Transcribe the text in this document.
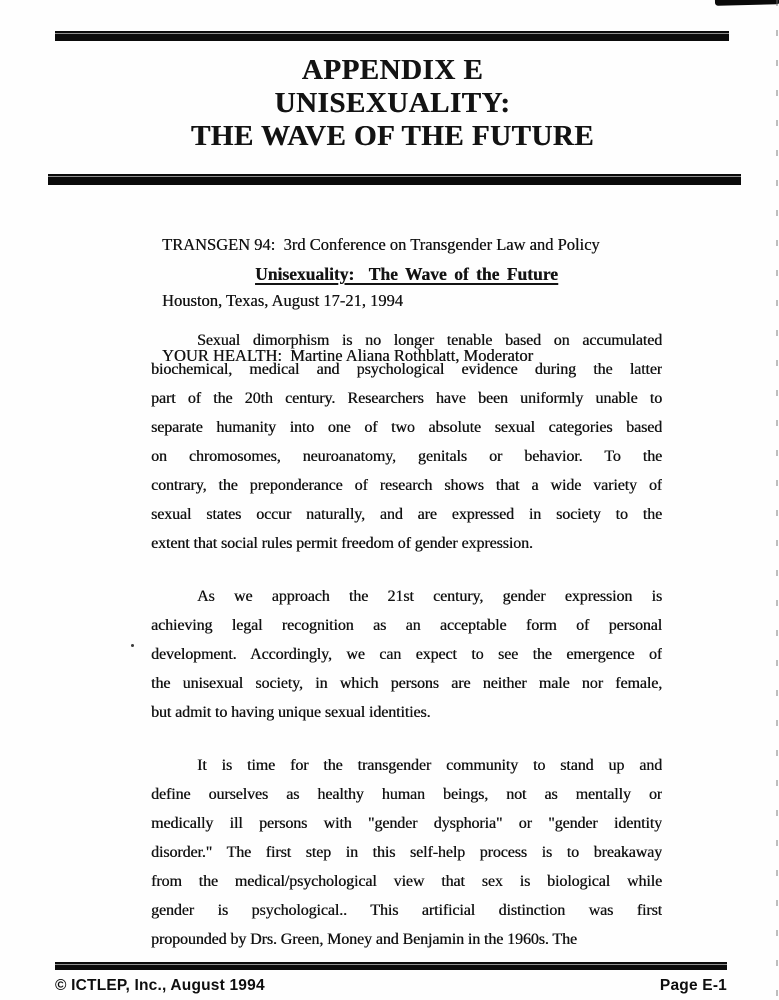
APPENDIX E
UNISEXUALITY:
THE WAVE OF THE FUTURE

TRANSGEN 94:  3rd Conference on Transgender Law and Policy

Houston, Texas, August 17-21, 1994

YOUR HEALTH:  Martine Aliana Rothblatt, Moderator

Unisexuality:  The Wave of the Future
Sexual dimorphism is no longer tenable based on accumulated
biochemical, medical and psychological evidence during the latter
part of the 20th century. Researchers have been uniformly unable to
separate humanity into one of two absolute sexual categories based
on chromosomes, neuroanatomy, genitals or behavior. To the
contrary, the preponderance of research shows that a wide variety of
sexual states occur naturally, and are expressed in society to the
extent that social rules permit freedom of gender expression.
As we approach the 21st century, gender expression is
achieving legal recognition as an acceptable form of personal
development. Accordingly, we can expect to see the emergence of
the unisexual society, in which persons are neither male nor female,
but admit to having unique sexual identities.
It is time for the transgender community to stand up and
define ourselves as healthy human beings, not as mentally or
medically ill persons with "gender dysphoria" or "gender identity
disorder." The first step in this self-help process is to breakaway
from the medical/psychological view that sex is biological while
gender is psychological.. This artificial distinction was first
propounded by Drs. Green, Money and Benjamin in the 1960s. The
© ICTLEP, Inc., August 1994	Page E-1
